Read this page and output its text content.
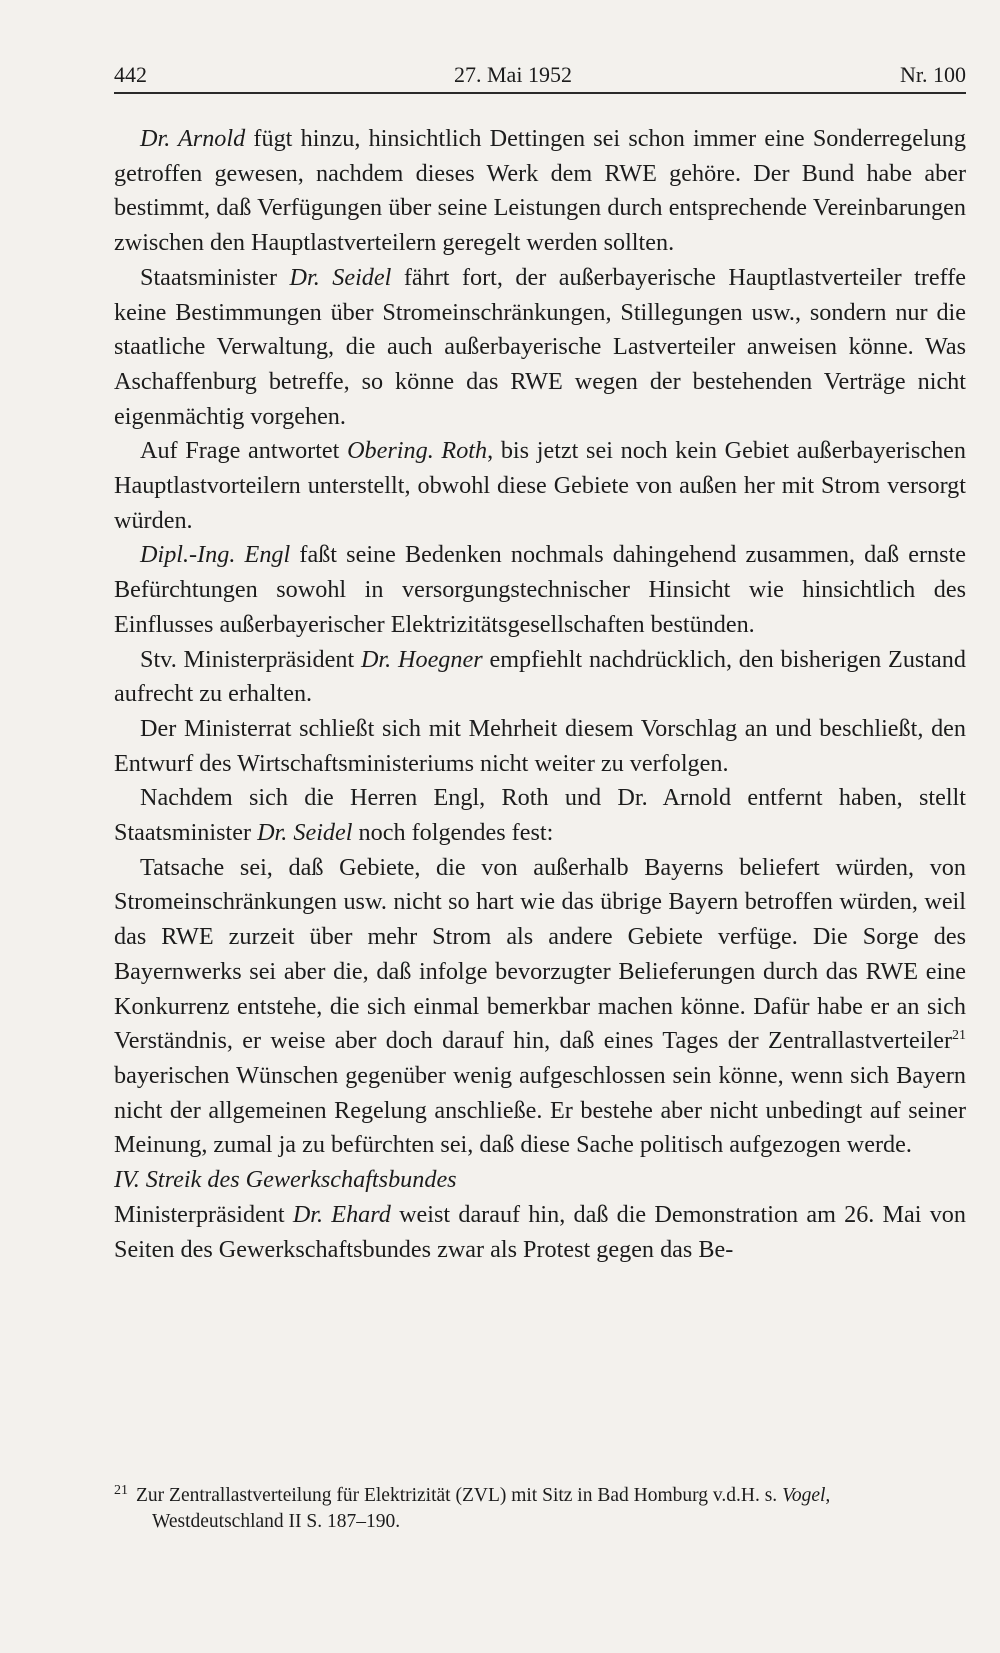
442	27. Mai 1952	Nr. 100

Dr. Arnold fügt hinzu, hinsichtlich Dettingen sei schon immer eine Sonderregelung getroffen gewesen, nachdem dieses Werk dem RWE gehöre. Der Bund habe aber bestimmt, daß Verfügungen über seine Leistungen durch entsprechende Vereinbarungen zwischen den Hauptlastverteilern geregelt werden sollten.

Staatsminister Dr. Seidel fährt fort, der außerbayerische Hauptlastverteiler treffe keine Bestimmungen über Stromeinschränkungen, Stillegungen usw., sondern nur die staatliche Verwaltung, die auch außerbayerische Lastverteiler anweisen könne. Was Aschaffenburg betreffe, so könne das RWE wegen der bestehenden Verträge nicht eigenmächtig vorgehen.

Auf Frage antwortet Obering. Roth, bis jetzt sei noch kein Gebiet außerbayerischen Hauptlastvorteilern unterstellt, obwohl diese Gebiete von außen her mit Strom versorgt würden.

Dipl.-Ing. Engl faßt seine Bedenken nochmals dahingehend zusammen, daß ernste Befürchtungen sowohl in versorgungstechnischer Hinsicht wie hinsichtlich des Einflusses außerbayerischer Elektrizitätsgesellschaften bestünden.

Stv. Ministerpräsident Dr. Hoegner empfiehlt nachdrücklich, den bisherigen Zustand aufrecht zu erhalten.

Der Ministerrat schließt sich mit Mehrheit diesem Vorschlag an und beschließt, den Entwurf des Wirtschaftsministeriums nicht weiter zu verfolgen.

Nachdem sich die Herren Engl, Roth und Dr. Arnold entfernt haben, stellt Staatsminister Dr. Seidel noch folgendes fest:

Tatsache sei, daß Gebiete, die von außerhalb Bayerns beliefert würden, von Stromeinschränkungen usw. nicht so hart wie das übrige Bayern betroffen würden, weil das RWE zurzeit über mehr Strom als andere Gebiete verfüge. Die Sorge des Bayernwerks sei aber die, daß infolge bevorzugter Belieferungen durch das RWE eine Konkurrenz entstehe, die sich einmal bemerkbar machen könne. Dafür habe er an sich Verständnis, er weise aber doch darauf hin, daß eines Tages der Zentrallastverteiler$^{21}$ bayerischen Wünschen gegenüber wenig aufgeschlossen sein könne, wenn sich Bayern nicht der allgemeinen Regelung anschließe. Er bestehe aber nicht unbedingt auf seiner Meinung, zumal ja zu befürchten sei, daß diese Sache politisch aufgezogen werde.

IV. Streik des Gewerkschaftsbundes

Ministerpräsident Dr. Ehard weist darauf hin, daß die Demonstration am 26. Mai von Seiten des Gewerkschaftsbundes zwar als Protest gegen das Be-

$^{21}$ Zur Zentrallastverteilung für Elektrizität (ZVL) mit Sitz in Bad Homburg v.d.H. s. Vogel,
Westdeutschland II S. 187–190.
